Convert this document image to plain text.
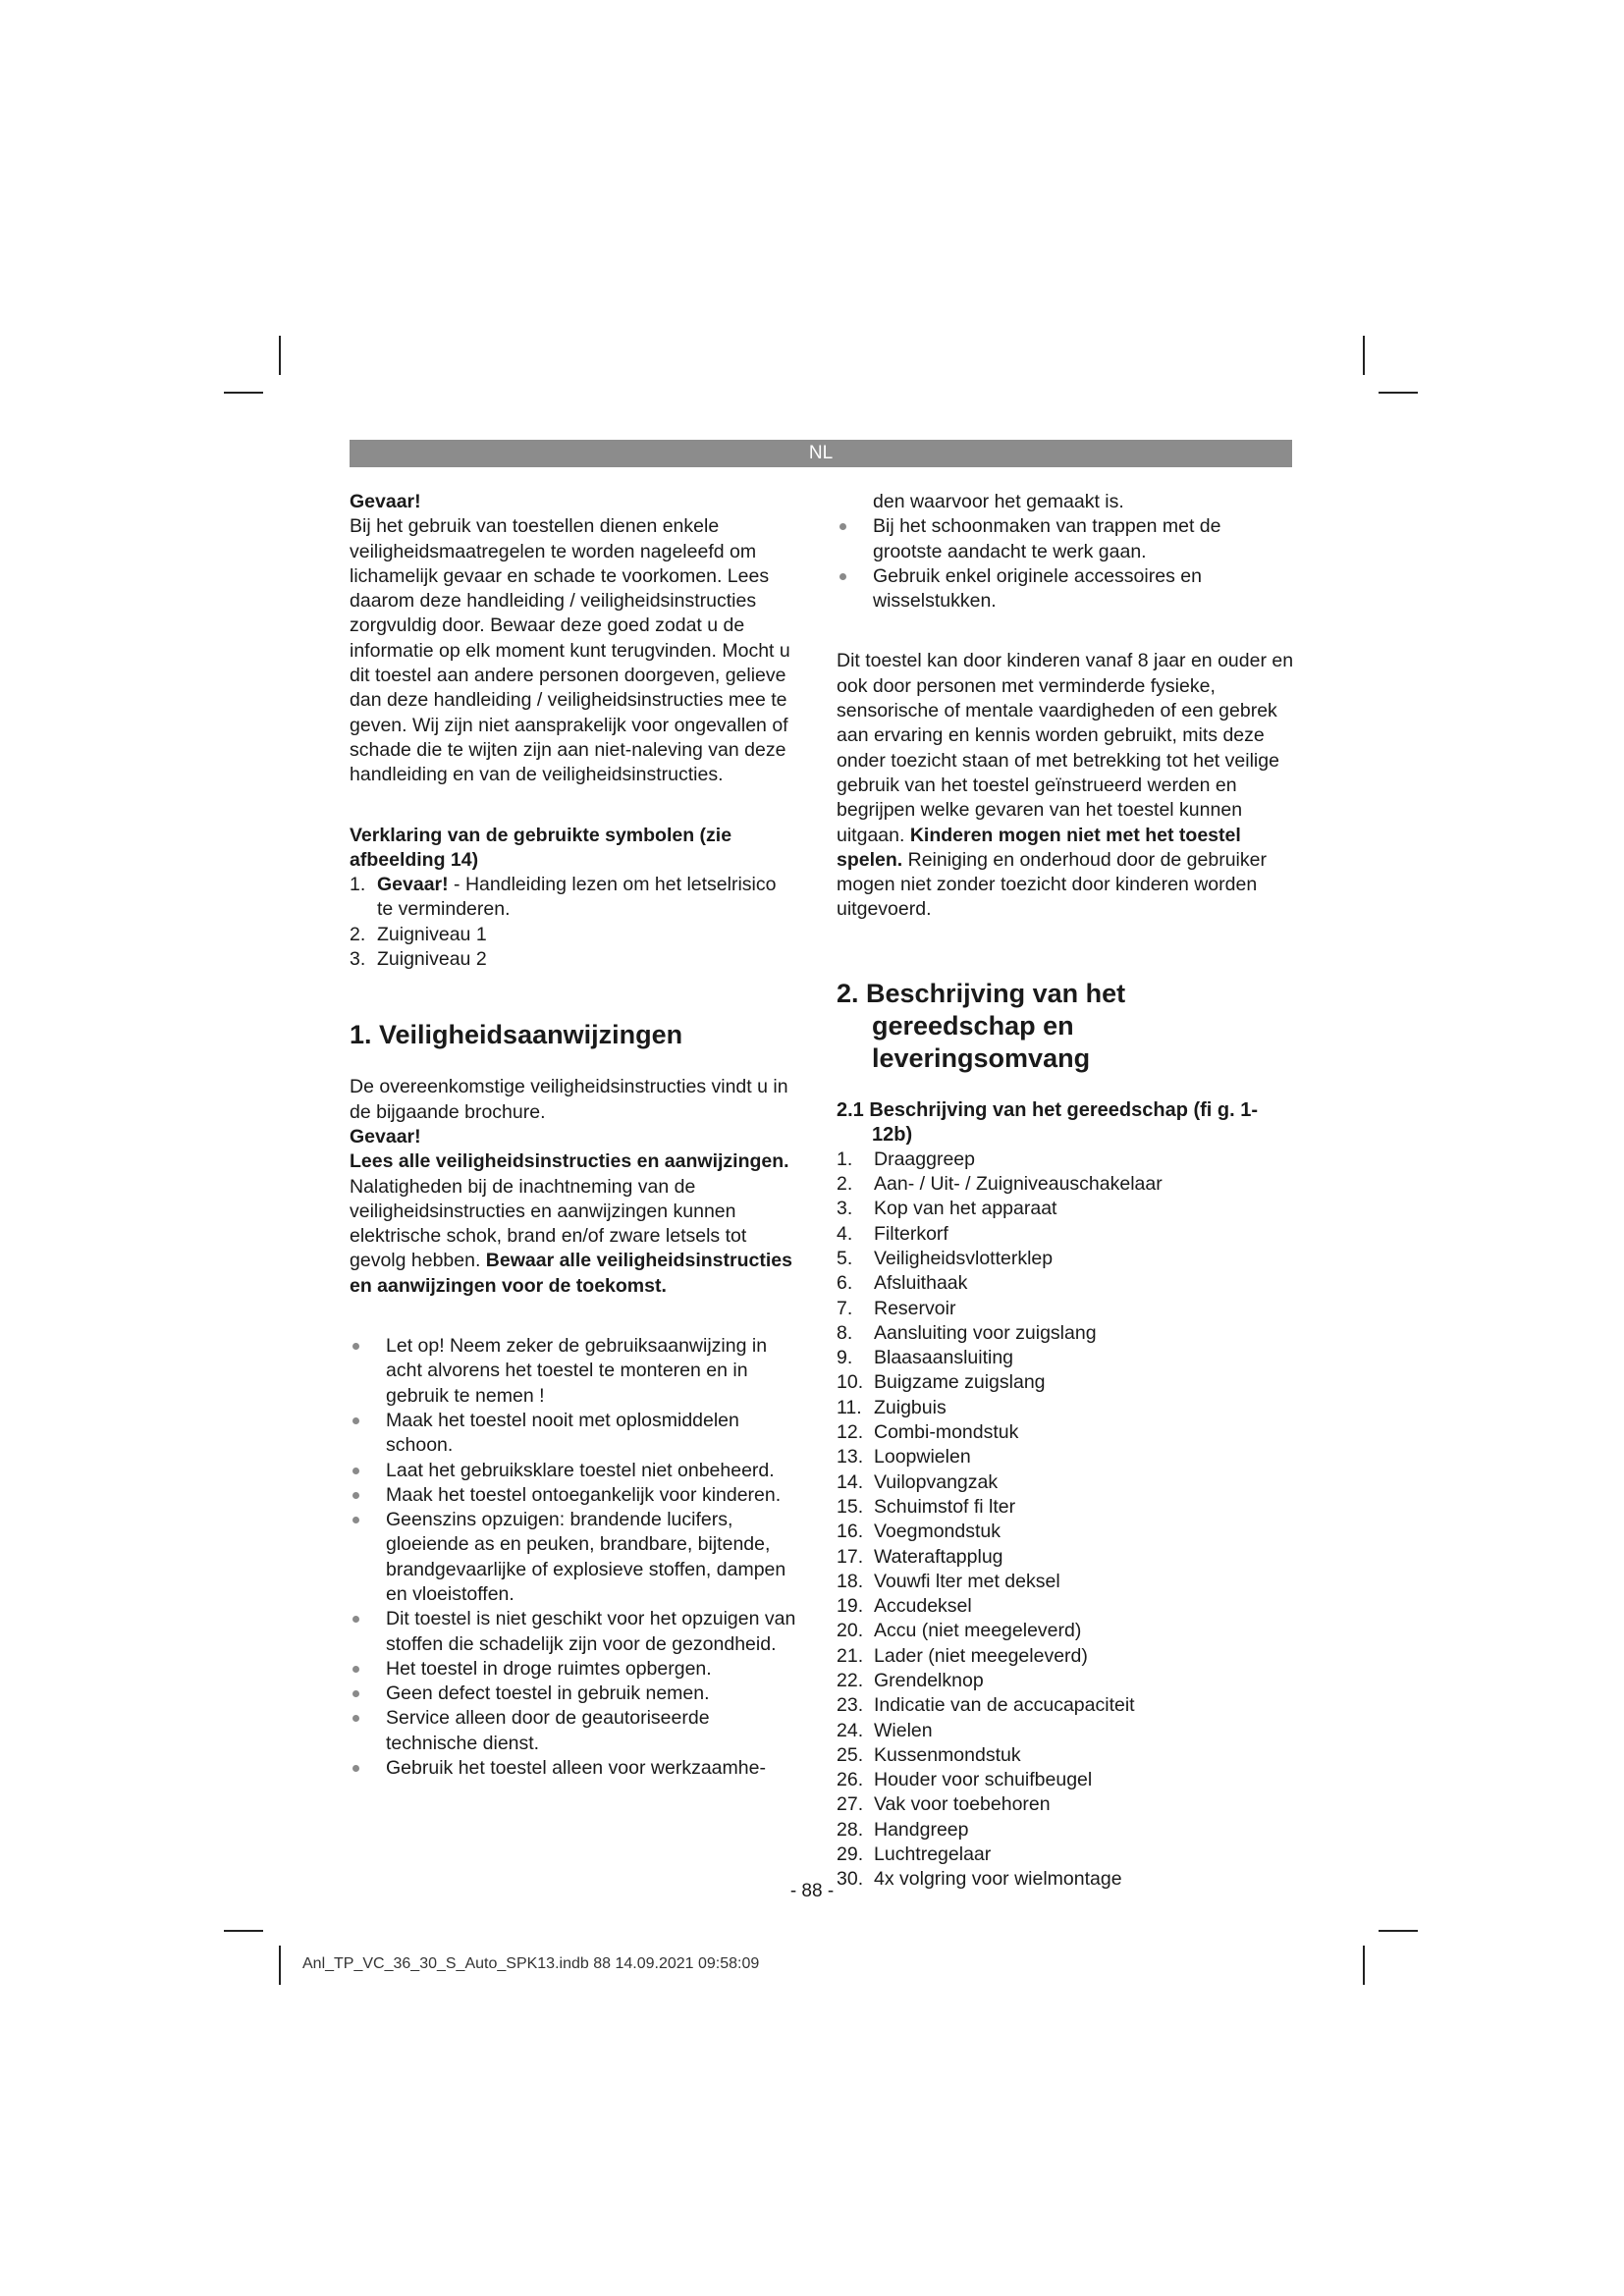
NL

Gevaar!

Bij het gebruik van toestellen dienen enkele veiligheidsmaatregelen te worden nageleefd om lichamelijk gevaar en schade te voorkomen. Lees daarom deze handleiding / veiligheidsinstructies zorgvuldig door. Bewaar deze goed zodat u de informatie op elk moment kunt terugvinden. Mocht u dit toestel aan andere personen doorgeven, gelieve dan deze handleiding / veiligheidsinstructies mee te geven. Wij zijn niet aansprakelijk voor ongevallen of schade die te wijten zijn aan niet-naleving van deze handleiding en van de veiligheidsinstructies.

Verklaring van de gebruikte symbolen (zie afbeelding 14)

1. Gevaar! - Handleiding lezen om het letselrisico te verminderen.
2. Zuigniveau 1
3. Zuigniveau 2

1. Veiligheidsaanwijzingen

De overeenkomstige veiligheidsinstructies vindt u in de bijgaande brochure.

Gevaar!

Lees alle veiligheidsinstructies en aanwijzingen. Nalatigheden bij de inachtneming van de veiligheidsinstructies en aanwijzingen kunnen elektrische schok, brand en/of zware letsels tot gevolg hebben. Bewaar alle veiligheidsinstructies en aanwijzingen voor de toekomst.

Let op! Neem zeker de gebruiksaanwijzing in acht alvorens het toestel te monteren en in gebruik te nemen !
Maak het toestel nooit met oplosmiddelen schoon.
Laat het gebruiksklare toestel niet onbeheerd.
Maak het toestel ontoegankelijk voor kinderen.
Geenszins opzuigen: brandende lucifers, gloeiende as en peuken, brandbare, bijtende, brandgevaarlijke of explosieve stoffen, dampen en vloeistoffen.
Dit toestel is niet geschikt voor het opzuigen van stoffen die schadelijk zijn voor de gezondheid.
Het toestel in droge ruimtes opbergen.
Geen defect toestel in gebruik nemen.
Service alleen door de geautoriseerde technische dienst.
Gebruik het toestel alleen voor werkzaamhe-

den waarvoor het gemaakt is.

Bij het schoonmaken van trappen met de grootste aandacht te werk gaan.
Gebruik enkel originele accessoires en wisselstukken.

Dit toestel kan door kinderen vanaf 8 jaar en ouder en ook door personen met verminderde fysieke, sensorische of mentale vaardigheden of een gebrek aan ervaring en kennis worden gebruikt, mits deze onder toezicht staan of met betrekking tot het veilige gebruik van het toestel geïnstrueerd werden en begrijpen welke gevaren van het toestel kunnen uitgaan. Kinderen mogen niet met het toestel spelen. Reiniging en onderhoud door de gebruiker mogen niet zonder toezicht door kinderen worden uitgevoerd.

2. Beschrijving van het gereedschap en leveringsomvang

2.1 Beschrijving van het gereedschap (fi g. 1-12b)

1.	Draaggreep
2.	Aan- / Uit- / Zuigniveauschakelaar
3.	Kop van het apparaat
4.	Filterkorf
5.	Veiligheidsvlotterklep
6.	Afsluithaak
7.	Reservoir
8.	Aansluiting voor zuigslang
9.	Blaasaansluiting
10. Buigzame zuigslang
11. Zuigbuis
12. Combi-mondstuk
13. Loopwielen
14. Vuilopvangzak
15. Schuimstof fi lter
16. Voegmondstuk
17. Wateraftapplug
18. Vouwfi lter met deksel
19. Accudeksel
20. Accu (niet meegeleverd)
21. Lader (niet meegeleverd)
22. Grendelknop
23. Indicatie van de accucapaciteit
24. Wielen
25. Kussenmondstuk
26. Houder voor schuifbeugel
27. Vak voor toebehoren
28. Handgreep
29. Luchtregelaar
30. 4x volgring voor wielmontage
- 88 -
Anl_TP_VC_36_30_S_Auto_SPK13.indb 88 14.09.2021 09:58:09
